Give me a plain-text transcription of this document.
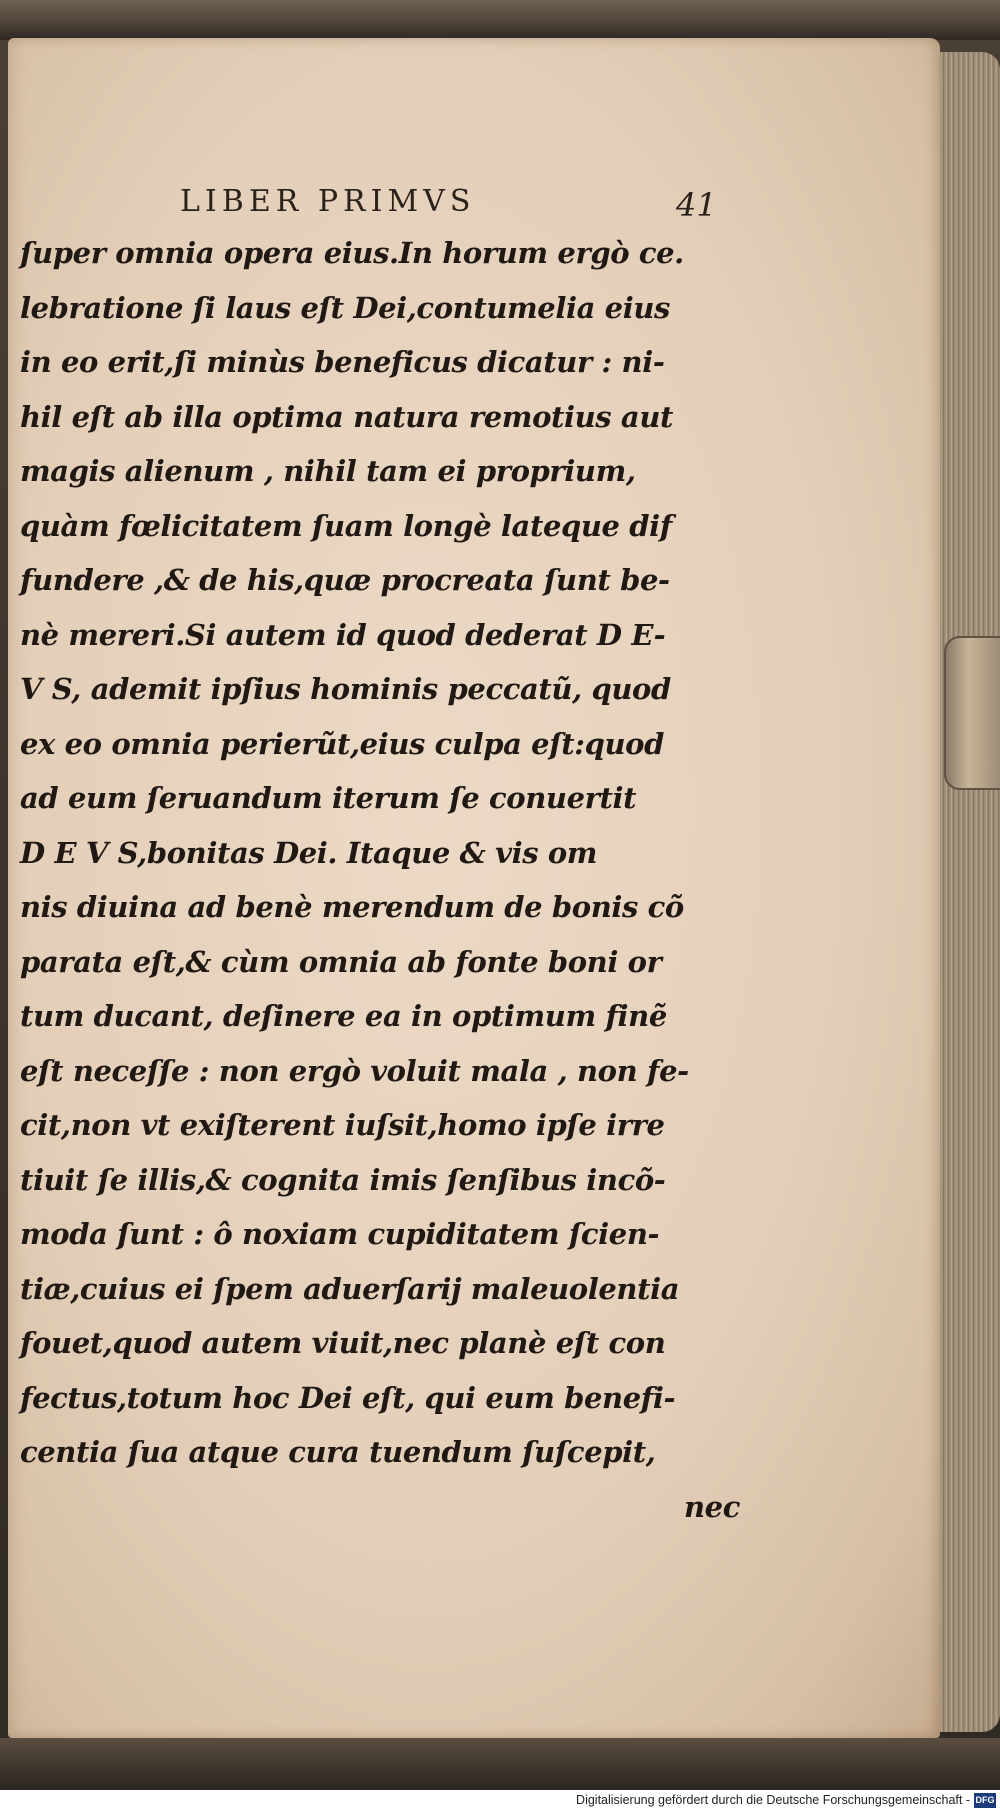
LIBER PRIMVS	41
ſuper omnia opera eius.In horum ergò ce.
lebratione ſi laus eſt Dei,contumelia eius
in eo erit,ſi minùs beneficus dicatur : ni-
hil eſt ab illa optima natura remotius aut
magis alienum , nihil tam ei proprium,
quàm fœlicitatem ſuam longè lateque dif
fundere ,& de his,quæ procreata ſunt be-
nè mereri.Si autem id quod dederat D E-
V S, ademit ipſius hominis peccatũ, quod
ex eo omnia perierũt,eius culpa eſt:quod
ad eum ſeruandum iterum ſe conuertit
D E V S,bonitas Dei. Itaque & vis om
nis diuina ad benè merendum de bonis cõ
parata eſt,& cùm omnia ab fonte boni or
tum ducant, deſinere ea in optimum finẽ
eſt neceſſe : non ergò voluit mala , non fe-
cit,non vt exiſterent iuſsit,homo ipſe irre
tiuit ſe illis,& cognita imis ſenſibus incõ-
moda ſunt : ô noxiam cupiditatem ſcien-
tiæ,cuius ei ſpem aduerſarij maleuolentia
fouet,quod autem viuit,nec planè eſt con
fectus,totum hoc Dei eſt, qui eum benefi-
centia ſua atque cura tuendum ſuſcepit,
nec
Digitalisierung gefördert durch die Deutsche Forschungsgemeinschaft - DFG
